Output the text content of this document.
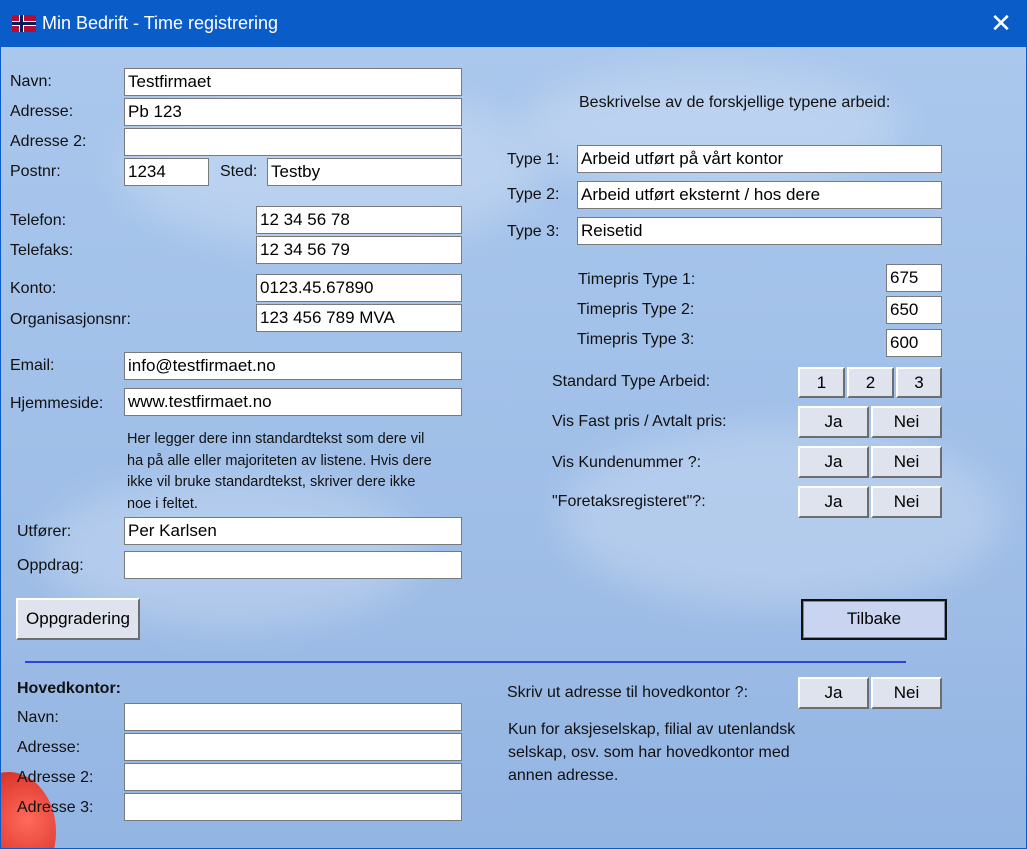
Min Bedrift - Time registrering	✕
Navn:	Testfirmaet
Adresse:	Pb 123
Adresse 2:
Postnr:	1234	Sted: Testby
Telefon:	12 34 56 78
Telefaks:	12 34 56 79
Konto:	0123.45.67890
Organisasjonsnr:	123 456 789 MVA
Email:	info@testfirmaet.no
Hjemmeside: www.testfirmaet.no
Her legger dere inn standardtekst som dere vil
ha på alle eller majoriteten av listene. Hvis dere
ikke vil bruke standardtekst, skriver dere ikke
noe i feltet.
Utfører:	Per Karlsen
Oppdrag:
Oppgradering
Beskrivelse av de forskjellige typene arbeid:
Type 1: Arbeid utført på vårt kontor
Type 2: Arbeid utført eksternt / hos dere
Type 3: Reisetid
Timepris Type 1:	675
Timepris Type 2:	650
Timepris Type 3:	600
Standard Type Arbeid:	1	2	3
Vis Fast pris / Avtalt pris:	Ja	Nei
Vis Kundenummer ?:	Ja	Nei
"Foretaksregisteret"?:	Ja	Nei
Tilbake
Hovedkontor:
Navn:
Adresse:
Adresse 2:
Adresse 3:
Skriv ut adresse til hovedkontor ?:	Ja	Nei
Kun for aksjeselskap, filial av utenlandsk
selskap, osv. som har hovedkontor med
annen adresse.
